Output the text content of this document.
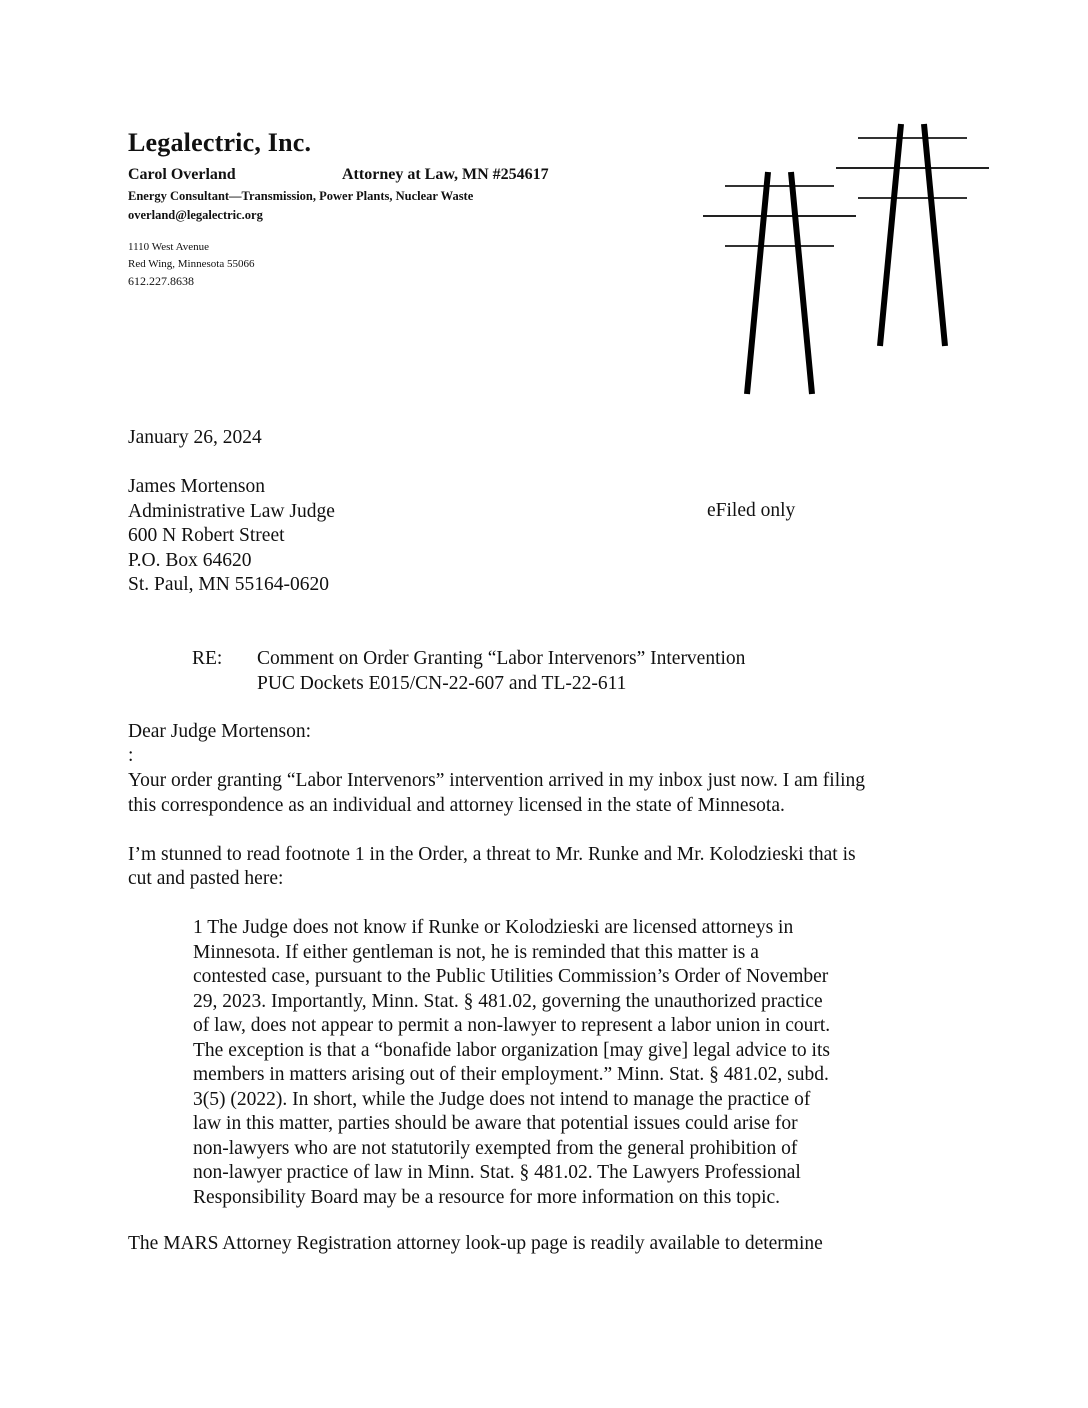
Legalectric, Inc.
Carol Overland	Attorney at Law, MN #254617
Energy Consultant—Transmission, Power Plants, Nuclear Waste
overland@legalectric.org
1110 West Avenue
Red Wing, Minnesota 55066
612.227.8638
January 26, 2024
James Mortenson
Administrative Law Judge
600 N Robert Street
P.O. Box 64620
St. Paul, MN 55164-0620
eFiled only
RE: Comment on Order Granting “Labor Intervenors” Intervention
PUC Dockets E015/CN-22-607 and TL-22-611
Dear Judge Mortenson:
:
Your order granting “Labor Intervenors” intervention arrived in my inbox just now. I am filing
this correspondence as an individual and attorney licensed in the state of Minnesota.
I’m stunned to read footnote 1 in the Order, a threat to Mr. Runke and Mr. Kolodzieski that is
cut and pasted here:
1 The Judge does not know if Runke or Kolodzieski are licensed attorneys in
Minnesota. If either gentleman is not, he is reminded that this matter is a
contested case, pursuant to the Public Utilities Commission’s Order of November
29, 2023. Importantly, Minn. Stat. § 481.02, governing the unauthorized practice
of law, does not appear to permit a non-lawyer to represent a labor union in court.
The exception is that a “bonafide labor organization [may give] legal advice to its
members in matters arising out of their employment.” Minn. Stat. § 481.02, subd.
3(5) (2022). In short, while the Judge does not intend to manage the practice of
law in this matter, parties should be aware that potential issues could arise for
non-lawyers who are not statutorily exempted from the general prohibition of
non-lawyer practice of law in Minn. Stat. § 481.02. The Lawyers Professional
Responsibility Board may be a resource for more information on this topic.
The MARS Attorney Registration attorney look-up page is readily available to determine
